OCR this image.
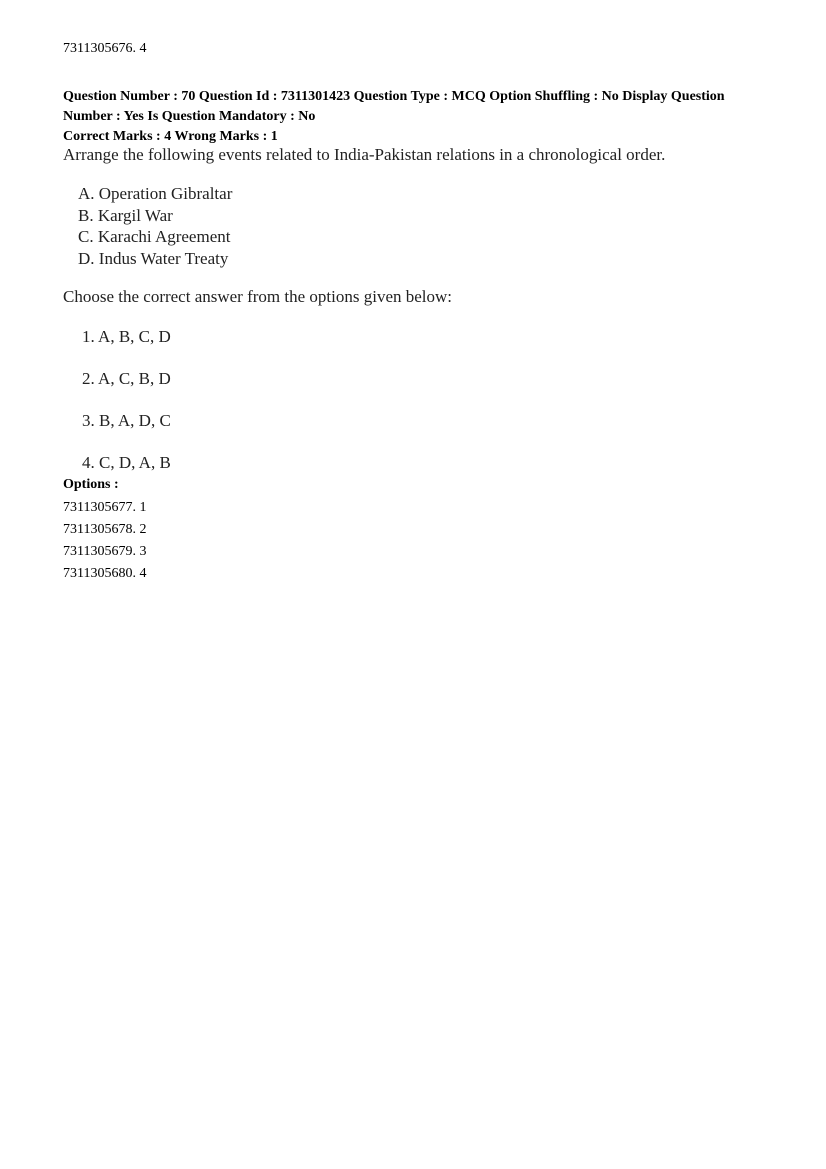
7311305676. 4
Question Number : 70 Question Id : 7311301423 Question Type : MCQ Option Shuffling : No Display Question
Number : Yes Is Question Mandatory : No
Correct Marks : 4 Wrong Marks : 1
Arrange the following events related to India-Pakistan relations in a chronological order.
A. Operation Gibraltar
B. Kargil War
C. Karachi Agreement
D. Indus Water Treaty
Choose the correct answer from the options given below:
1. A, B, C, D
2. A, C, B, D
3. B, A, D, C
4. C, D, A, B
Options :
7311305677. 1
7311305678. 2
7311305679. 3
7311305680. 4
